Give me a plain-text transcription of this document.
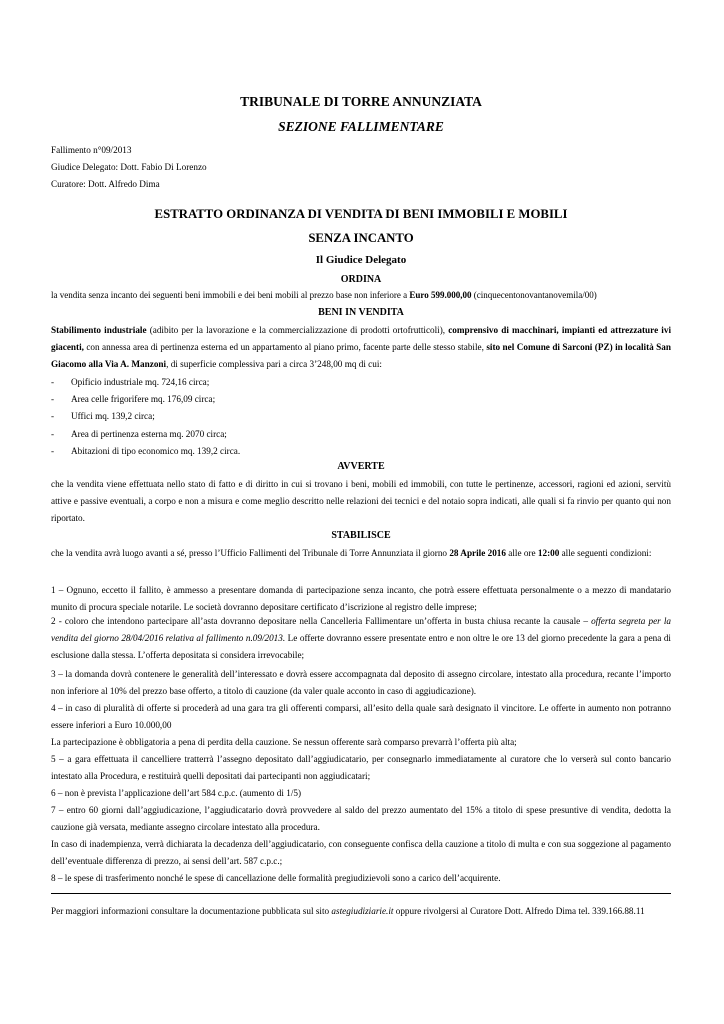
TRIBUNALE DI TORRE ANNUNZIATA
SEZIONE FALLIMENTARE
Fallimento n°09/2013
Giudice Delegato: Dott. Fabio Di Lorenzo
Curatore: Dott. Alfredo Dima
ESTRATTO ORDINANZA DI VENDITA DI BENI IMMOBILI E MOBILI
SENZA INCANTO
Il Giudice Delegato
ORDINA
la vendita senza incanto dei seguenti beni immobili e dei beni mobili al prezzo base non inferiore a Euro 599.000,00 (cinquecentonovantanovemila/00)
BENI IN VENDITA
Stabilimento industriale (adibito per la lavorazione e la commercializzazione di prodotti ortofrutticoli), comprensivo di macchinari, impianti ed attrezzature ivi giacenti, con annessa area di pertinenza esterna ed un appartamento al piano primo, facente parte delle stesso stabile, sito nel Comune di Sarconi (PZ) in località San Giacomo alla Via A. Manzoni, di superficie complessiva pari a circa 3’248,00 mq di cui:
- Opificio industriale mq. 724,16 circa;
- Area celle frigorifere mq. 176,09 circa;
- Uffici mq. 139,2 circa;
- Area di pertinenza esterna mq. 2070 circa;
- Abitazioni di tipo economico mq. 139,2 circa.
AVVERTE
che la vendita viene effettuata nello stato di fatto e di diritto in cui si trovano i beni, mobili ed immobili, con tutte le pertinenze, accessori, ragioni ed azioni, servitù attive e passive eventuali, a corpo e non a misura e come meglio descritto nelle relazioni dei tecnici e del notaio sopra indicati, alle quali si fa rinvio per quanto qui non riportato.
STABILISCE
che la vendita avrà luogo avanti a sé, presso l’Ufficio Fallimenti del Tribunale di Torre Annunziata il giorno 28 Aprile 2016 alle ore 12:00 alle seguenti condizioni:
1 – Ognuno, eccetto il fallito, è ammesso a presentare domanda di partecipazione senza incanto, che potrà essere effettuata personalmente o a mezzo di mandatario munito di procura speciale notarile. Le società dovranno depositare certificato d’iscrizione al registro delle imprese;
2 - coloro che intendono partecipare all’asta dovranno depositare nella Cancelleria Fallimentare un’offerta in busta chiusa recante la causale – offerta segreta per la vendita del giorno 28/04/2016 relativa al fallimento n.09/2013. Le offerte dovranno essere presentate entro e non oltre le ore 13 del giorno precedente la gara a pena di esclusione dalla stessa. L’offerta depositata si considera irrevocabile;
3 – la domanda dovrà contenere le generalità dell’interessato e dovrà essere accompagnata dal deposito di assegno circolare, intestato alla procedura, recante l’importo non inferiore al 10% del prezzo base offerto, a titolo di cauzione (da valer quale acconto in caso di aggiudicazione).
4 – in caso di pluralità di offerte si procederà ad una gara tra gli offerenti comparsi, all’esito della quale sarà designato il vincitore. Le offerte in aumento non potranno essere inferiori a Euro 10.000,00
La partecipazione è obbligatoria a pena di perdita della cauzione. Se nessun offerente sarà comparso prevarrà l’offerta più alta;
5 – a gara effettuata il cancelliere tratterrà l’assegno depositato dall’aggiudicatario, per consegnarlo immediatamente al curatore che lo verserà sul conto bancario intestato alla Procedura, e restituirà quelli depositati dai partecipanti non aggiudicatari;
6 – non è prevista l’applicazione dell’art 584 c.p.c. (aumento di 1/5)
7 – entro 60 giorni dall’aggiudicazione, l’aggiudicatario dovrà provvedere al saldo del prezzo aumentato del 15% a titolo di spese presuntive di vendita, dedotta la cauzione già versata, mediante assegno circolare intestato alla procedura.
In caso di inadempienza, verrà dichiarata la decadenza dell’aggiudicatario, con conseguente confisca della cauzione a titolo di multa e con sua soggezione al pagamento dell’eventuale differenza di prezzo, ai sensi dell’art. 587 c.p.c.;
8 – le spese di trasferimento nonché le spese di cancellazione delle formalità pregiudizievoli sono a carico dell’acquirente.
Per maggiori informazioni consultare la documentazione pubblicata sul sito astegiudiziarie.it oppure rivolgersi al Curatore Dott. Alfredo Dima tel. 339.166.88.11
